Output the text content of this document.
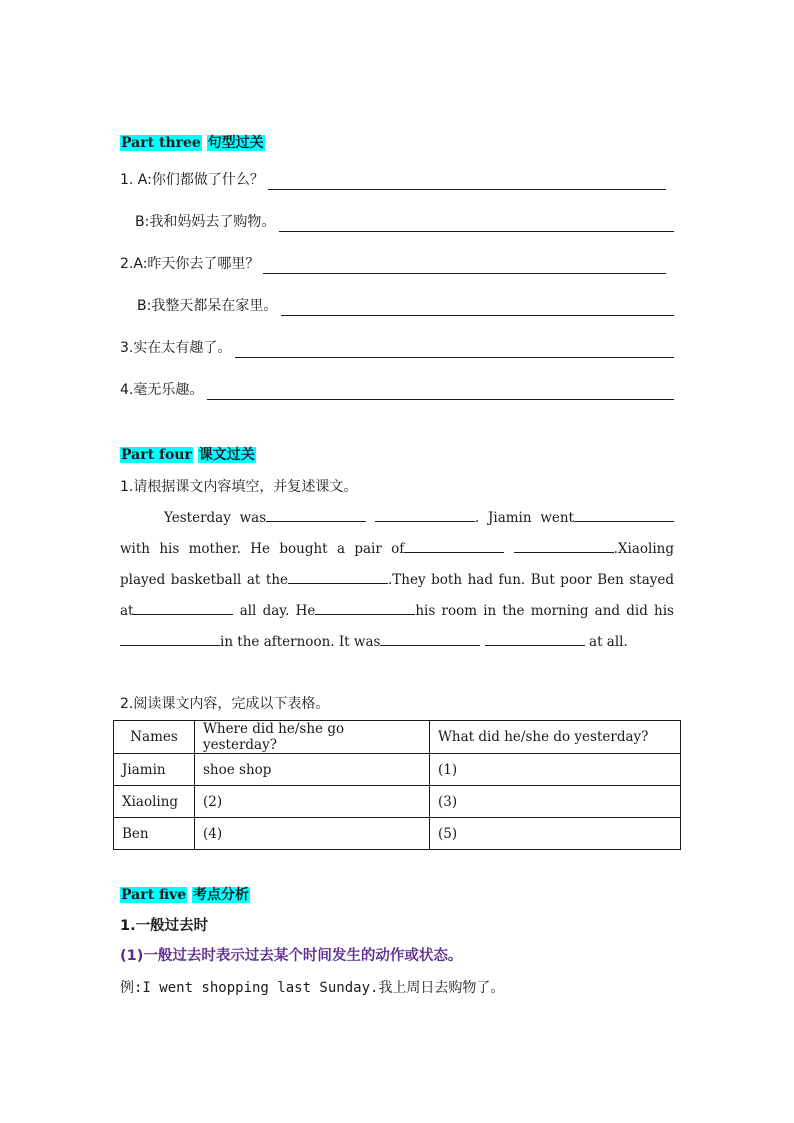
Part three 句型过关
1. A:你们都做了什么？
B:我和妈妈去了购物。
2.A:昨天你去了哪里？
B:我整天都呆在家里。
3.实在太有趣了。
4.毫无乐趣。
Part four 课文过关
1.请根据课文内容填空，并复述课文。
Yesterday was	. Jiamin went with his mother. He bought a pair of	.Xiaoling played basketball at the	.They both had fun. But poor Ben stayed at	all day. He	his room in the morning and did his in the afternoon. It was	at all.
2.阅读课文内容，完成以下表格。
Names	Where did he/she go yesterday?	What did he/she do yesterday?
Jiamin	shoe shop	(1)
Xiaoling	(2)	(3)
Ben	(4)	(5)
Part five 考点分析
1.一般过去时
(1)一般过去时表示过去某个时间发生的动作或状态。
例:I went shopping last Sunday.我上周日去购物了。
